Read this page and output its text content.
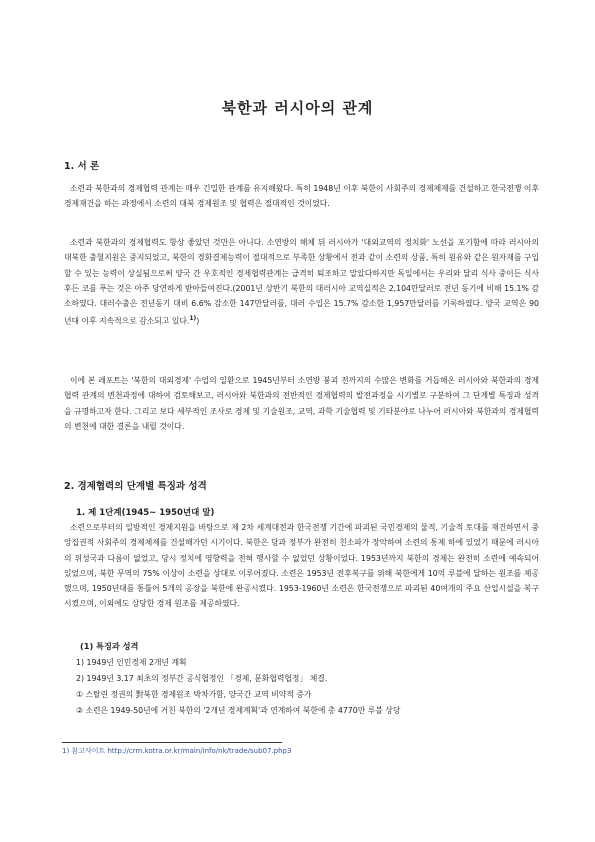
북한과 러시아의 관계
1. 서 론
소련과 북한과의 경제협력 관계는 매우 긴밀한 관계를 유지해왔다. 특히 1948년 이후 북한이 사회주의 경제체제를 건설하고 한국전쟁 이후 경제재건을 하는 과정에서 소련의 대북 경제원조 및 협력은 절대적인 것이었다.
소련과 북한과의 경제협력도 항상 좋았던 것만은 아니다. 소연방의 해체 뒤 러시아가 '대외교역의 정치화' 노선을 포기함에 따라 러시아의 대북한 출혈지원은 중지되었고, 북한의 경화결제능력이 절대적으로 부족한 상황에서 전과 같이 소련의 상품, 특히 원유와 같은 원자재를 구입할 수 있는 능력이 상실됨으로써 양국 간 우호적인 경제협력관계는 급격히 퇴조하고 말았다하지만 독일에서는 우리와 달리 식사 중이든 식사 후든 코를 푸는 것은 아주 당연하게 받아들여진다.(2001년 상반기 북한의 대러시아 교역실적은 2,104만달러로 전년 동기에 비해 15.1% 감소하였다. 대러수출은 전년동기 대비 6.6% 감소한 147만달러를, 대러 수입은 15.7% 감소한 1,957만달러를 기록하였다. 양국 교역은 90년대 이후 지속적으로 감소되고 있다.$^{1)}$)
이에 본 레포트는 '북한의 대외경제' 수업의 일환으로 1945년부터 소연방 붕괴 전까지의 수많은 변화를 거듭해온 러시아와 북한과의 경제협력 관계의 변천과정에 대하여 검토해보고, 러시아와 북한과의 전반적인 경제협력의 발전과정을 시기별로 구분하여 그 단계별 특징과 성격을 규명하고자 한다. 그리고 보다 세부적인 조사로 경제 및 기술원조, 교역, 과학 기술협력 및 기타분야로 나누어 러시아와 북한과의 경제협력의 변천에 대한 결론을 내릴 것이다.
2. 경제협력의 단계별 특징과 성격
1. 제 1단계(1945~ 1950년대 말)
소련으로부터의 일방적인 경제지원을 바탕으로 제 2차 세계대전과 한국전쟁 기간에 파괴된 국민경제의 물적, 기술적 토대를 재건하면서 중앙집권적 사회주의 경제체제를 건설해가던 시기이다. 북한은 당과 정부가 완전히 친소파가 장악하여 소련의 통제 하에 있었기 때문에 러시아의 위성국과 다름이 없었고, 당시 정치에 영향력을 전혀 행사할 수 없었던 상황이었다. 1953년까지 북한의 경제는 완전히 소련에 예속되어 있었으며, 북한 무역의 75% 이상이 소련을 상대로 이루어졌다. 소련은 1953년 전후복구를 위해 북한에게 10억 루블에 달하는 원조를 제공했으며, 1950년대를 통틀어 5개의 공장을 북한에 완공시켰다. 1953-1960년 소련은 한국전쟁으로 파괴된 40여개의 주요 산업시설을 복구시켰으며, 이외에도 상당한 경제 원조를 제공하였다.
(1) 특징과 성격
1) 1949년 인민경제 2개년 계획
2) 1949년 3.17 최초의 정부간 공식협정인 「경제, 문화협력협정」 체결.
① 스탈린 정권의 對북한 경제원조 박차가함, 양국간 교역 비약적 증가
② 소련은 1949-50년에 거친 북한의 '2개년 경제계획'과 연계하여 북한에 총 4770만 루블 상당
1) 참고사이트 http://crm.kotra.or.kr/main/info/nk/trade/sub07.php3
